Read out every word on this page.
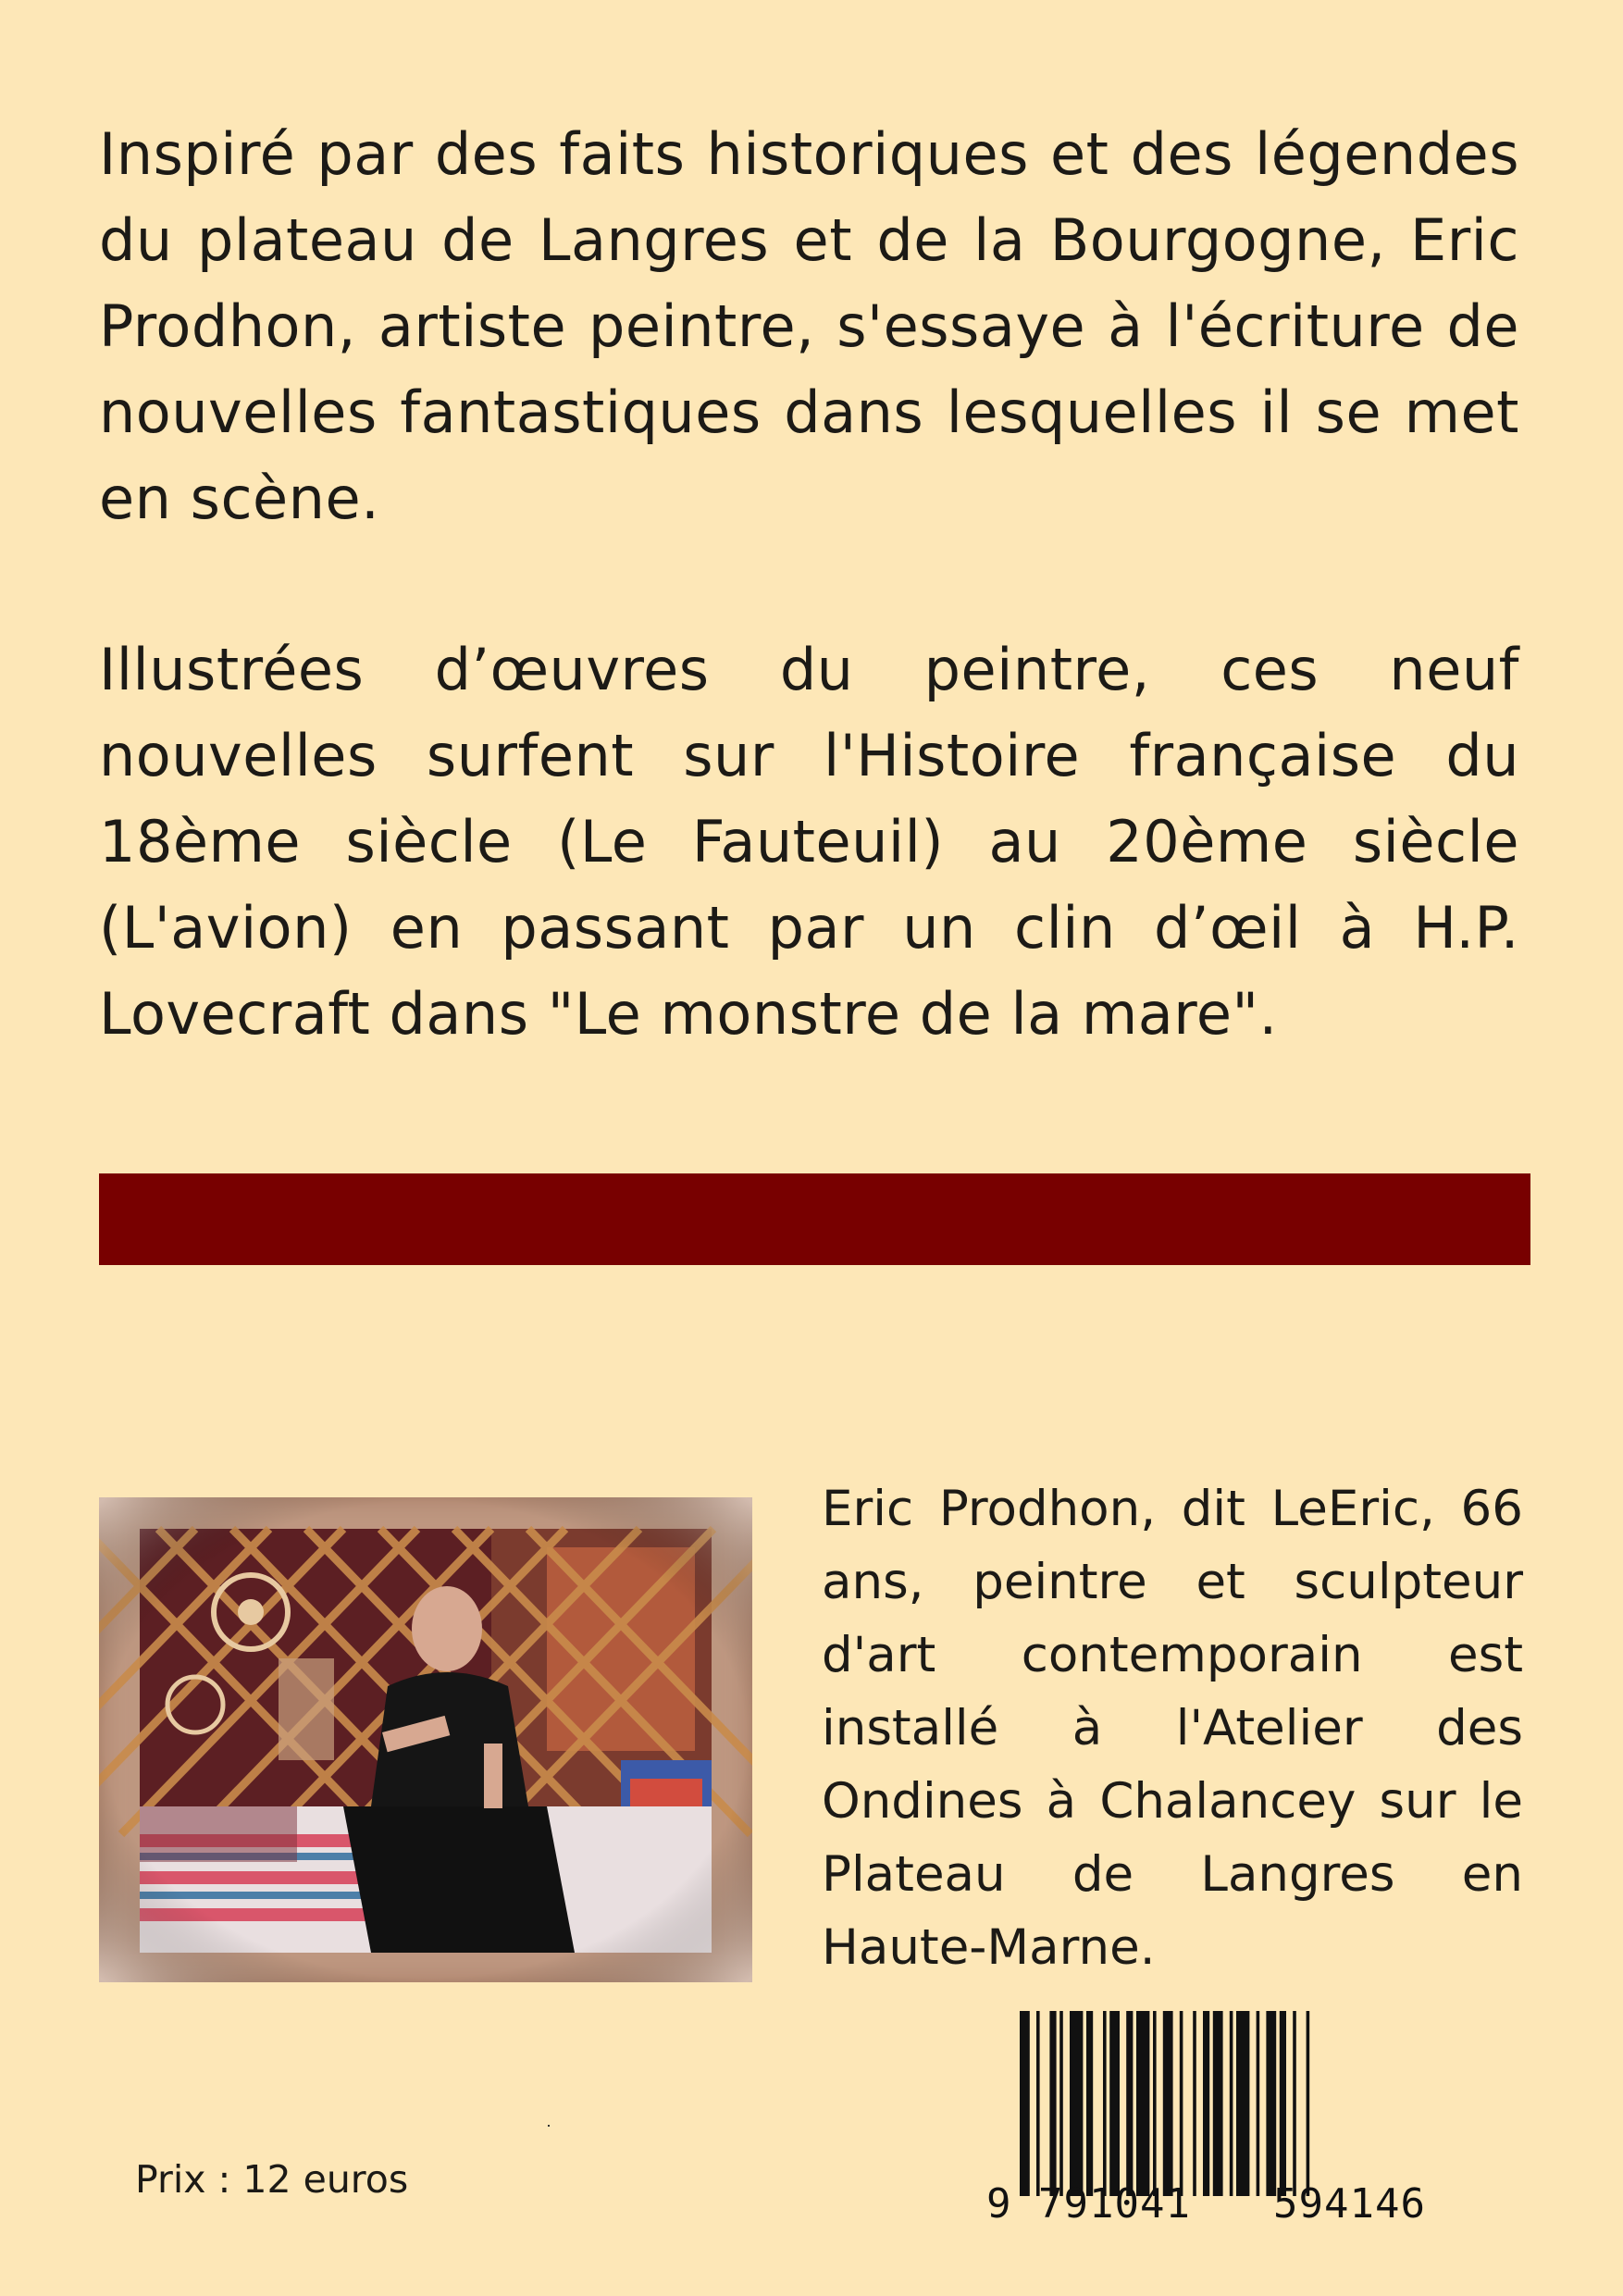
Inspiré par des faits historiques et des légendes du plateau de Langres et de la Bourgogne, Eric Prodhon, artiste peintre, s'essaye à l'écriture de nouvelles fantastiques dans lesquelles il se met en scène.

Illustrées d’œuvres du peintre, ces neuf nouvelles surfent sur l'Histoire française du 18ème siècle (Le Fauteuil) au 20ème siècle (L'avion) en passant par un clin d’œil à H.P. Lovecraft dans "Le monstre de la mare".

Eric Prodhon, dit LeEric, 66 ans, peintre et sculpteur d'art contemporain est installé à l'Atelier des Ondines à Chalancey sur le Plateau de Langres en Haute-Marne.

Prix : 12 euros
9 791041 594146
